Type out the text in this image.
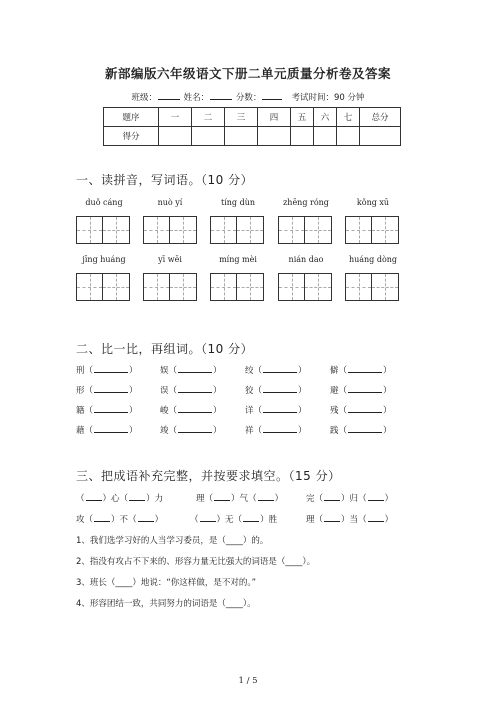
新部编版六年级语文下册二单元质量分析卷及答案
班级：	姓名：	分数：	考试时间：90 分钟
题序	一	二	三	四	五	六	七	总分
得分								
一、读拼音，写词语。（10 分）
duǒ cáng	nuò yí	tíng dùn	zhēng róng	kǒng xū
jīng huáng	yī wēi	míng mèi	nián dao	huáng dòng
二、比一比，再组词。（10 分）
刑（	）	娱（	）	绞（	）	僻（	）
形（	）	误（	）	狡（	）	避（	）
籍（	）	峻（	）	详（	）	残（	）
藉（	）	竣（	）	祥（	）	践（	）
三、把成语补充完整，并按要求填空。（15 分）
（ ）心（ ）力	理（ ）气（ ）	完（ ）归（ ）
攻（ ）不（ ）	（ ）无（ ）胜	理（ ）当（ ）
1、我们选学习好的人当学习委员，是（____）的。
2、指没有攻占不下来的、形容力量无比强大的词语是（____）。
3、班长（____）地说：“你这样做，是不对的。”
4、形容团结一致，共同努力的词语是（____）。
1 / 5
